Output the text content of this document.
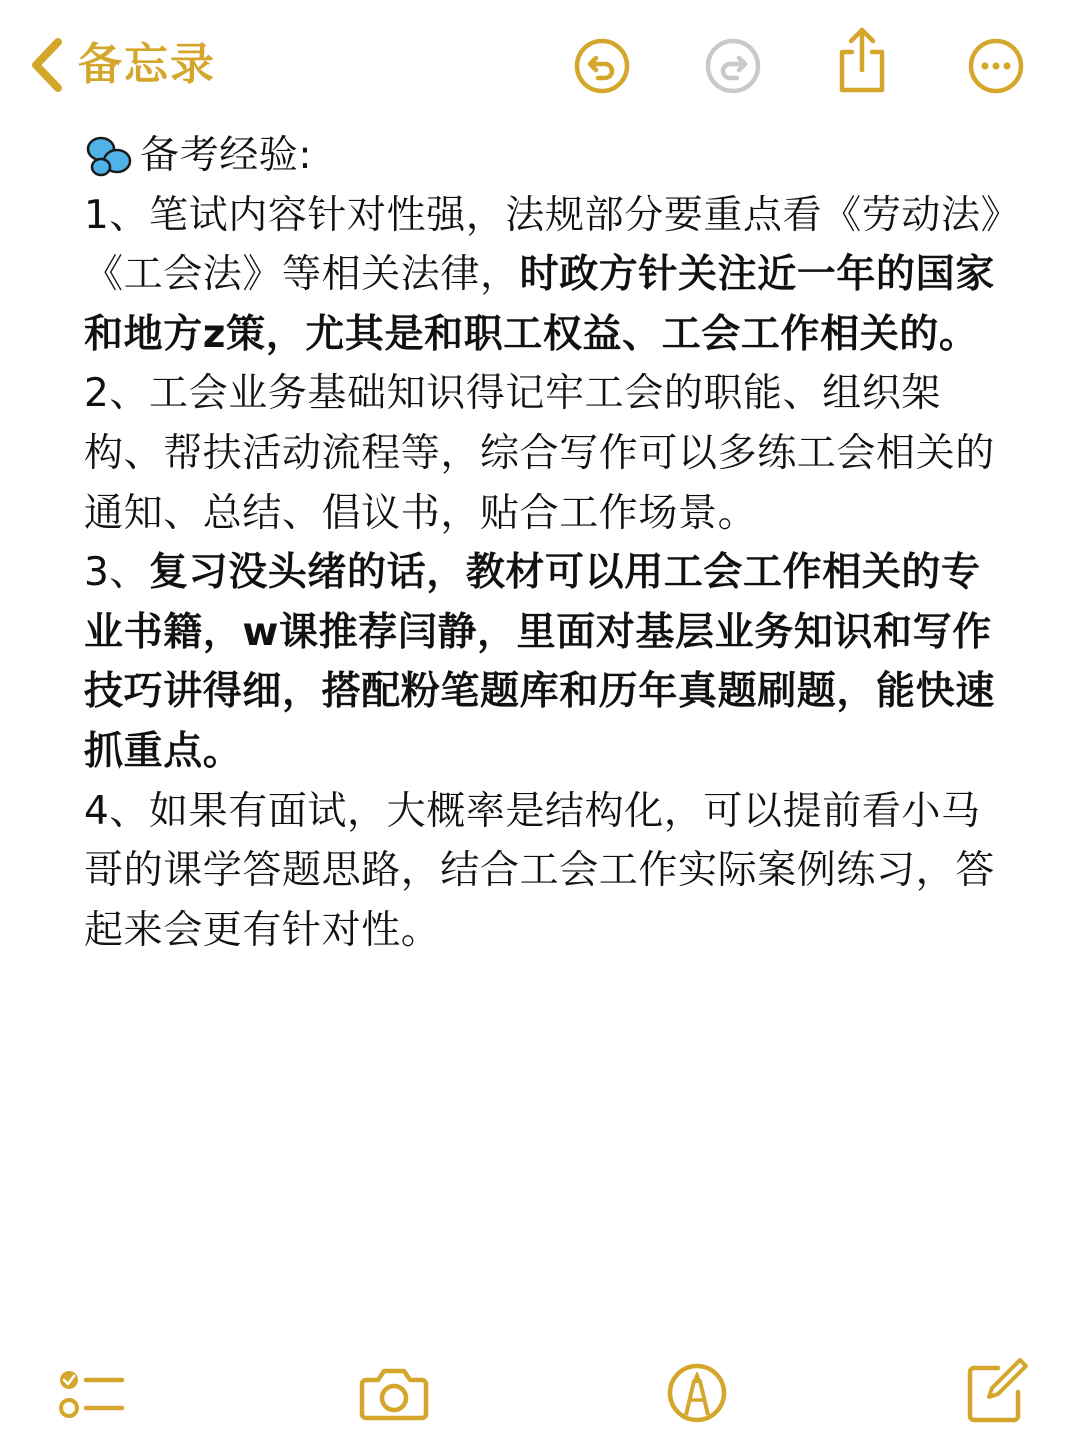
备忘录
备考经验:

1、笔试内容针对性强，法规部分要重点看《劳动法》《工会法》等相关法律，时政方针关注近一年的国家和地方z策，尤其是和职工权益、工会工作相关的。

2、工会业务基础知识得记牢工会的职能、组织架构、帮扶活动流程等，综合写作可以多练工会相关的通知、总结、倡议书，贴合工作场景。

3、复习没头绪的话，教材可以用工会工作相关的专业书籍，w课推荐闫静，里面对基层业务知识和写作技巧讲得细，搭配粉笔题库和历年真题刷题，能快速抓重点。

4、如果有面试，大概率是结构化，可以提前看小马哥的课学答题思路，结合工会工作实际案例练习，答起来会更有针对性。
